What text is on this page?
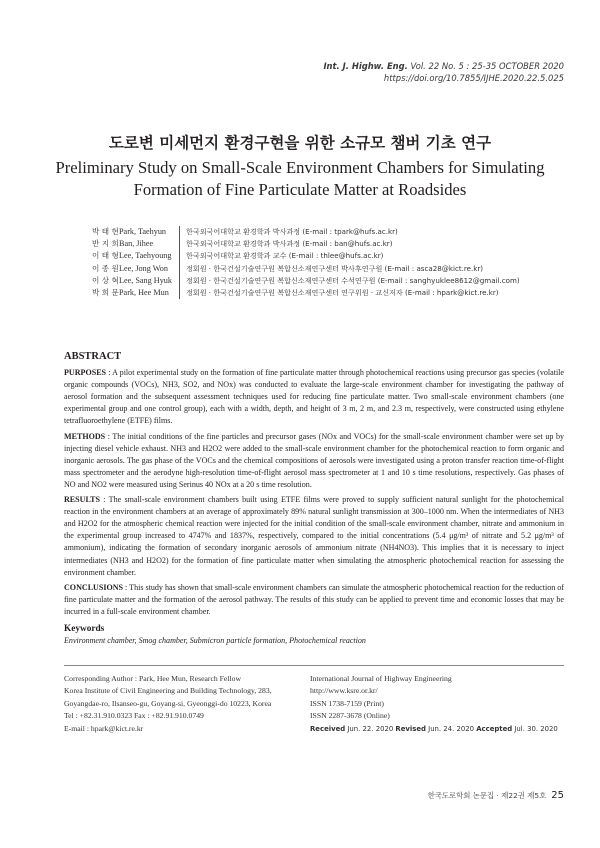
Int. J. Highw. Eng. Vol. 22 No. 5 : 25-35 OCTOBER 2020
https://doi.org/10.7855/IJHE.2020.22.5.025
도로변 미세먼지 환경구현을 위한 소규모 챔버 기초 연구
Preliminary Study on Small-Scale Environment Chambers for Simulating Formation of Fine Particulate Matter at Roadsides
박 태 현 Park, Taehyun	한국외국어대학교 환경학과 박사과정 (E-mail : tpark@hufs.ac.kr)
반 지 희 Ban, Jihee	한국외국어대학교 환경학과 박사과정 (E-mail : ban@hufs.ac.kr)
이 태 형 Lee, Taehyoung	한국외국어대학교 환경학과 교수 (E-mail : thlee@hufs.ac.kr)
이 종 원 Lee, Jong Won	정회원 · 한국건설기술연구원 복합신소재연구센터 박사후연구원 (E-mail : asca28@kict.re.kr)
이 상 혁 Lee, Sang Hyuk	정회원 · 한국건설기술연구원 복합신소재연구센터 수석연구원 (E-mail : sanghyuklee8612@gmail.com)
박 희 문 Park, Hee Mun	정회원 · 한국건설기술연구원 복합신소재연구센터 연구위원 · 교신저자 (E-mail : hpark@kict.re.kr)
ABSTRACT

PURPOSES : A pilot experimental study on the formation of fine particulate matter through photochemical reactions using precursor gas species (volatile organic compounds (VOCs), NH3, SO2, and NOx) was conducted to evaluate the large-scale environment chamber for investigating the pathway of aerosol formation and the subsequent assessment techniques used for reducing fine particulate matter. Two small-scale environment chambers (one experimental group and one control group), each with a width, depth, and height of 3 m, 2 m, and 2.3 m, respectively, were constructed using ethylene tetrafluoroethylene (ETFE) films.

METHODS : The initial conditions of the fine particles and precursor gases (NOx and VOCs) for the small-scale environment chamber were set up by injecting diesel vehicle exhaust. NH3 and H2O2 were added to the small-scale environment chamber for the photochemical reaction to form organic and inorganic aerosols. The gas phase of the VOCs and the chemical compositions of aerosols were investigated using a proton transfer reaction time-of-flight mass spectrometer and the aerodyne high-resolution time-of-flight aerosol mass spectrometer at 1 and 10 s time resolutions, respectively. Gas phases of NO and NO2 were measured using Serinus 40 NOx at a 20 s time resolution.

RESULTS : The small-scale environment chambers built using ETFE films were proved to supply sufficient natural sunlight for the photochemical reaction in the environment chambers at an average of approximately 89% natural sunlight transmission at 300–1000 nm. When the intermediates of NH3 and H2O2 for the atmospheric chemical reaction were injected for the initial condition of the small-scale environment chamber, nitrate and ammonium in the experimental group increased to 4747% and 1837%, respectively, compared to the initial concentrations (5.4 μg/m³ of nitrate and 5.2 μg/m³ of ammonium), indicating the formation of secondary inorganic aerosols of ammonium nitrate (NH4NO3). This implies that it is necessary to inject intermediates (NH3 and H2O2) for the formation of fine particulate matter when simulating the atmospheric photochemical reaction for assessing the environment chamber.

CONCLUSIONS : This study has shown that small-scale environment chambers can simulate the atmospheric photochemical reaction for the reduction of fine particulate matter and the formation of the aerosol pathway. The results of this study can be applied to prevent time and economic losses that may be incurred in a full-scale environment chamber.

Keywords
Environment chamber, Smog chamber, Submicron particle formation, Photochemical reaction
Corresponding Author : Park, Hee Mun, Research Fellow
Korea Institute of Civil Engineering and Building Technology, 283,
Goyangdae-ro, Ilsanseo-gu, Goyang-si, Gyeonggi-do 10223, Korea
Tel : +82.31.910.0323 Fax : +82.91.910.0749
E-mail : hpark@kict.re.kr
International Journal of Highway Engineering
http://www.ksre.or.kr/
ISSN 1738-7159 (Print)
ISSN 2287-3678 (Online)
Received Jun. 22. 2020 Revised Jun. 24. 2020 Accepted Jul. 30. 2020
한국도로학회 논문집 · 제22권 제5호 25
